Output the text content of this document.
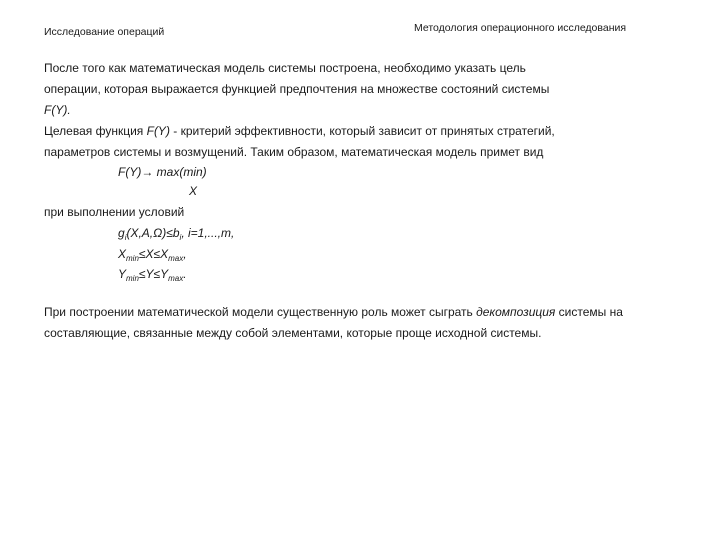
Исследование операций	Методология операционного исследования
После того как математическая модель системы построена, необходимо указать цель
операции, которая выражается функцией предпочтения на множестве состояний системы
F(Y).
Целевая функция F(Y) - критерий эффективности, который зависит от принятых стратегий,
параметров системы и возмущений. Таким образом, математическая модель примет вид
F(Y)→ max(min)
X
при выполнении условий
$g_i(X,A,\Omega)\le b_i$, i=1,...,m,
$X_{min}\le X\le X_{max}$,
$Y_{min}\le Y\le Y_{max}$.
При построении математической модели существенную роль может сыграть декомпозиция системы на
составляющие, связанные между собой элементами, которые проще исходной системы.
